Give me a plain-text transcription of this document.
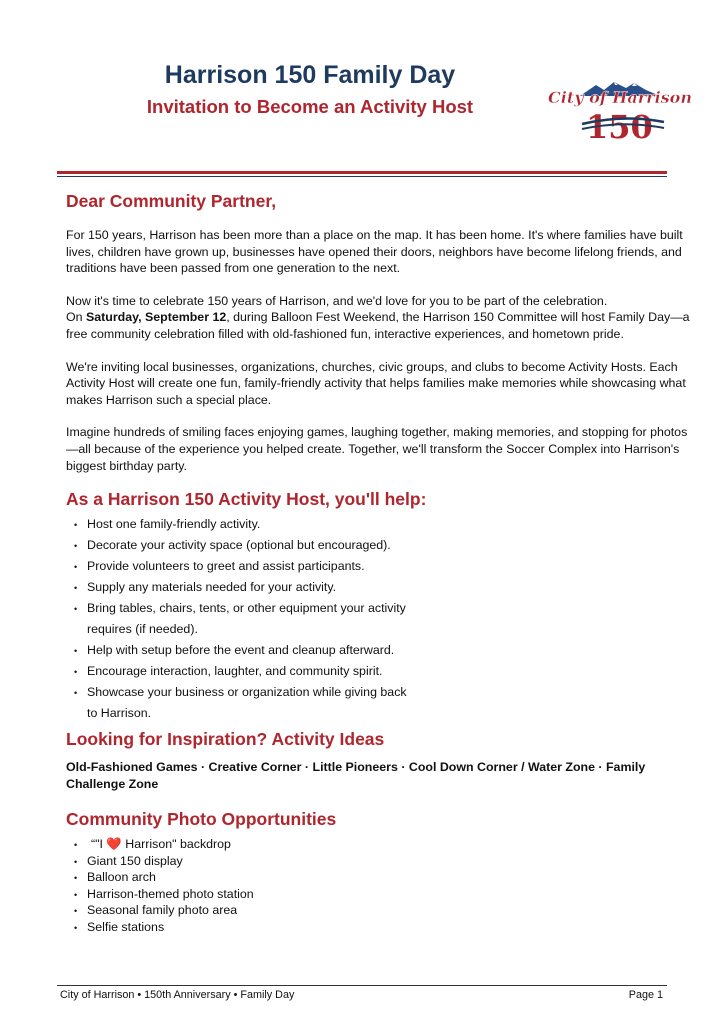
Harrison 150 Family Day
Invitation to Become an Activity Host	City of Harrison
150
Dear Community Partner,

For 150 years, Harrison has been more than a place on the map. It has been home. It's where families have built lives, children have grown up, businesses have opened their doors, neighbors have become lifelong friends, and traditions have been passed from one generation to the next.

Now it's time to celebrate 150 years of Harrison, and we'd love for you to be part of the celebration.
On Saturday, September 12, during Balloon Fest Weekend, the Harrison 150 Committee will host Family Day—a free community celebration filled with old-fashioned fun, interactive experiences, and hometown pride.

We're inviting local businesses, organizations, churches, civic groups, and clubs to become Activity Hosts. Each Activity Host will create one fun, family-friendly activity that helps families make memories while showcasing what makes Harrison such a special place.

Imagine hundreds of smiling faces enjoying games, laughing together, making memories, and stopping for photos—all because of the experience you helped create. Together, we'll transform the Soccer Complex into Harrison's biggest birthday party.

As a Harrison 150 Activity Host, you'll help:
• Host one family-friendly activity.
• Decorate your activity space (optional but encouraged).
• Provide volunteers to greet and assist participants.
• Supply any materials needed for your activity.
• Bring tables, chairs, tents, or other equipment your activity requires (if needed).
• Help with setup before the event and cleanup afterward.
• Encourage interaction, laughter, and community spirit.
• Showcase your business or organization while giving back to Harrison.
Looking for Inspiration? Activity Ideas

Old-Fashioned Games · Creative Corner · Little Pioneers · Cool Down Corner / Water Zone · Family Challenge Zone

Community Photo Opportunities
• “"I ❤️ Harrison" backdrop
• Giant 150 display
• Balloon arch
• Harrison-themed photo station
• Seasonal family photo area
• Selfie stations
City of Harrison • 150th Anniversary • Family Day	Page 1
